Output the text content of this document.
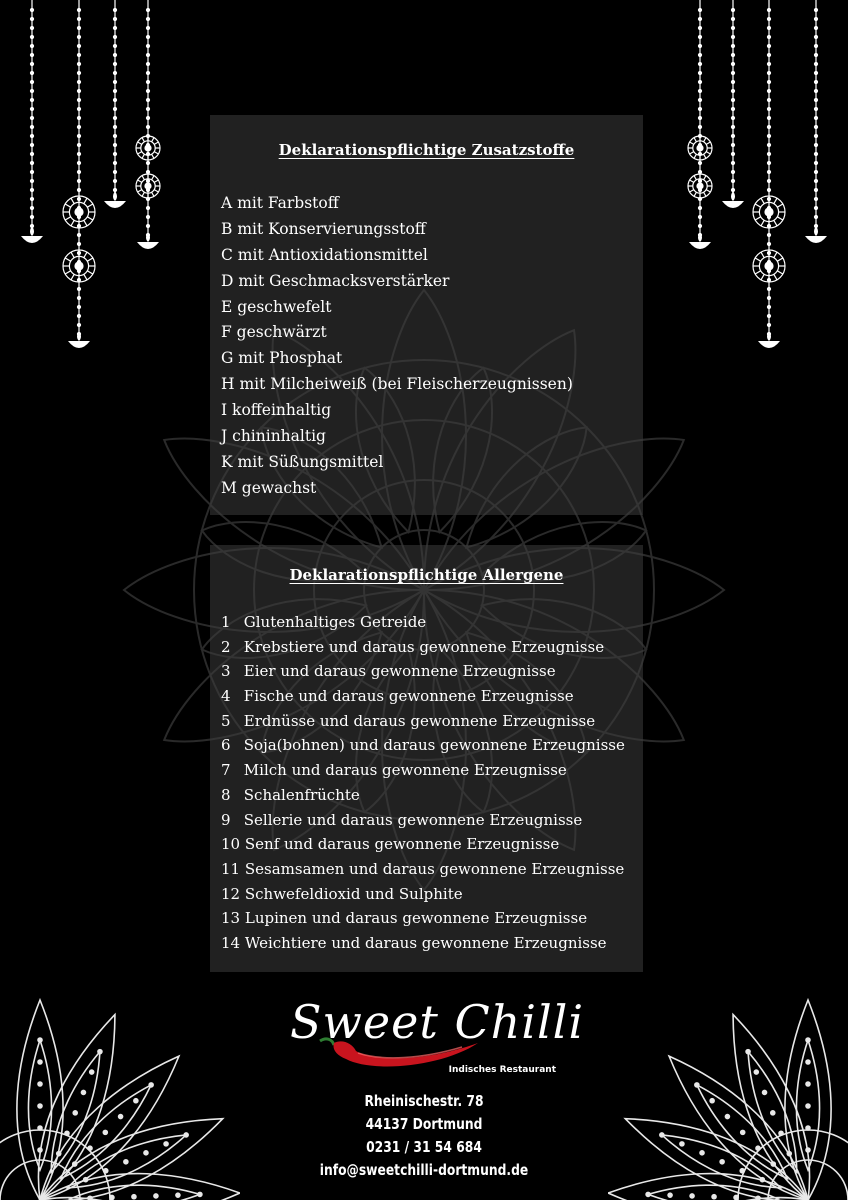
Deklarationspflichtige Zusatzstoffe
A mit Farbstoff
B mit Konservierungsstoff
C mit Antioxidationsmittel
D mit Geschmacksverstärker
E geschwefelt
F geschwärzt
G mit Phosphat
H mit Milcheiweiß (bei Fleischerzeugnissen)
I koffeinhaltig
J chininhaltig
K mit Süßungsmittel
M gewachst
Deklarationspflichtige Allergene
1 Glutenhaltiges Getreide
2 Krebstiere und daraus gewonnene Erzeugnisse
3 Eier und daraus gewonnene Erzeugnisse
4 Fische und daraus gewonnene Erzeugnisse
5 Erdnüsse und daraus gewonnene Erzeugnisse
6 Soja(bohnen) und daraus gewonnene Erzeugnisse
7 Milch und daraus gewonnene Erzeugnisse
8 Schalenfrüchte
9 Sellerie und daraus gewonnene Erzeugnisse
10 Senf und daraus gewonnene Erzeugnisse
11 Sesamsamen und daraus gewonnene Erzeugnisse
12 Schwefeldioxid und Sulphite
13 Lupinen und daraus gewonnene Erzeugnisse
14 Weichtiere und daraus gewonnene Erzeugnisse
Sweet Chilli
Indisches Restaurant
Rheinischestr. 78
44137 Dortmund
0231 / 31 54 684
info@sweetchilli-dortmund.de
